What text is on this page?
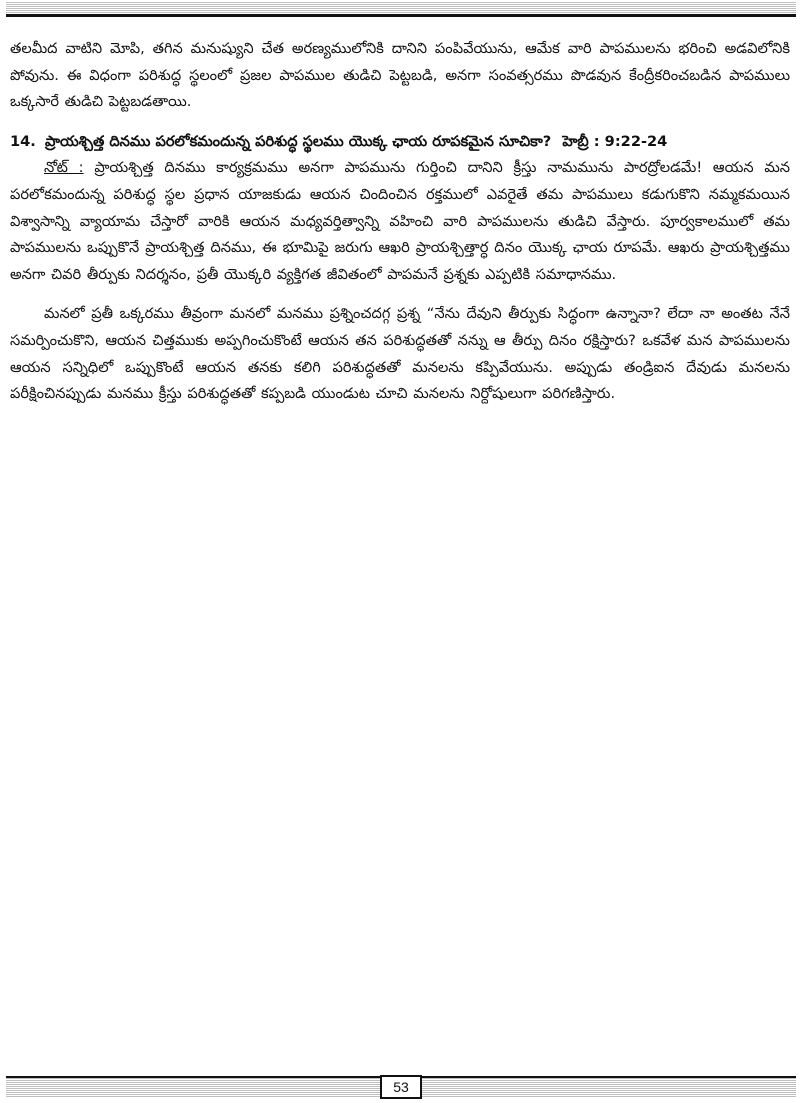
తలమీద వాటిని మోపి, తగిన మనుష్యుని చేత అరణ్యములోనికి దానిని పంపివేయును, ఆమేక వారి పాపములను భరించి అడవిలోనికి పోవును. ఈ విధంగా పరిశుద్ధ స్థలంలో ప్రజల పాపముల తుడిచి పెట్టబడి, అనగా సంవత్సరము పొడవున కేంద్రీకరించబడిన పాపములు ఒక్కసారే తుడిచి పెట్టబడతాయి.

14. ప్రాయశ్చిత్త దినము పరలోకమందున్న పరిశుద్ధ స్థలము యొక్క ఛాయ రూపకమైన సూచికా? హెబ్రీ : 9:22-24

నోట్ : ప్రాయశ్చిత్త దినము కార్యక్రమము అనగా పాపమును గుర్తించి దానిని క్రీస్తు నామమును పారద్రోలడమే! ఆయన మన పరలోకమందున్న పరిశుద్ధ స్థల ప్రధాన యాజకుడు ఆయన చిందించిన రక్తములో ఎవరైతే తమ పాపములు కడుగుకొని నమ్మకమయిన విశ్వాసాన్ని వ్యాయామ చేస్తారో వారికి ఆయన మధ్యవర్తిత్వాన్ని వహించి వారి పాపములను తుడిచి వేస్తారు. పూర్వకాలములో తమ పాపములను ఒప్పుకొనే ప్రాయశ్చిత్త దినము, ఈ భూమిపై జరుగు ఆఖరి ప్రాయశ్చిత్తార్ధ దినం యొక్క ఛాయ రూపమే. ఆఖరు ప్రాయశ్చిత్తము అనగా చివరి తీర్పుకు నిదర్శనం, ప్రతీ యొక్కరి వ్యక్తిగత జీవితంలో పాపమనే ప్రశ్నకు ఎప్పటికి సమాధానము.

మనలో ప్రతీ ఒక్కరము తీవ్రంగా మనలో మనము ప్రశ్నించదగ్గ ప్రశ్న “నేను దేవుని తీర్పుకు సిద్ధంగా ఉన్నానా? లేదా నా అంతట నేనే సమర్పించుకొని, ఆయన చిత్తముకు అప్పగించుకొంటే ఆయన తన పరిశుద్ధతతో నన్ను ఆ తీర్పు దినం రక్షిస్తారు? ఒకవేళ మన పాపములను ఆయన సన్నిధిలో ఒప్పుకొంటే ఆయన తనకు కలిగి పరిశుద్ధతతో మనలను కప్పివేయును. అప్పుడు తండ్రిఐన దేవుడు మనలను పరీక్షించినప్పుడు మనము క్రీస్తు పరిశుద్ధతతో కప్పబడి యుండుట చూచి మనలను నిర్దోషులుగా పరిగణిస్తారు.

53
